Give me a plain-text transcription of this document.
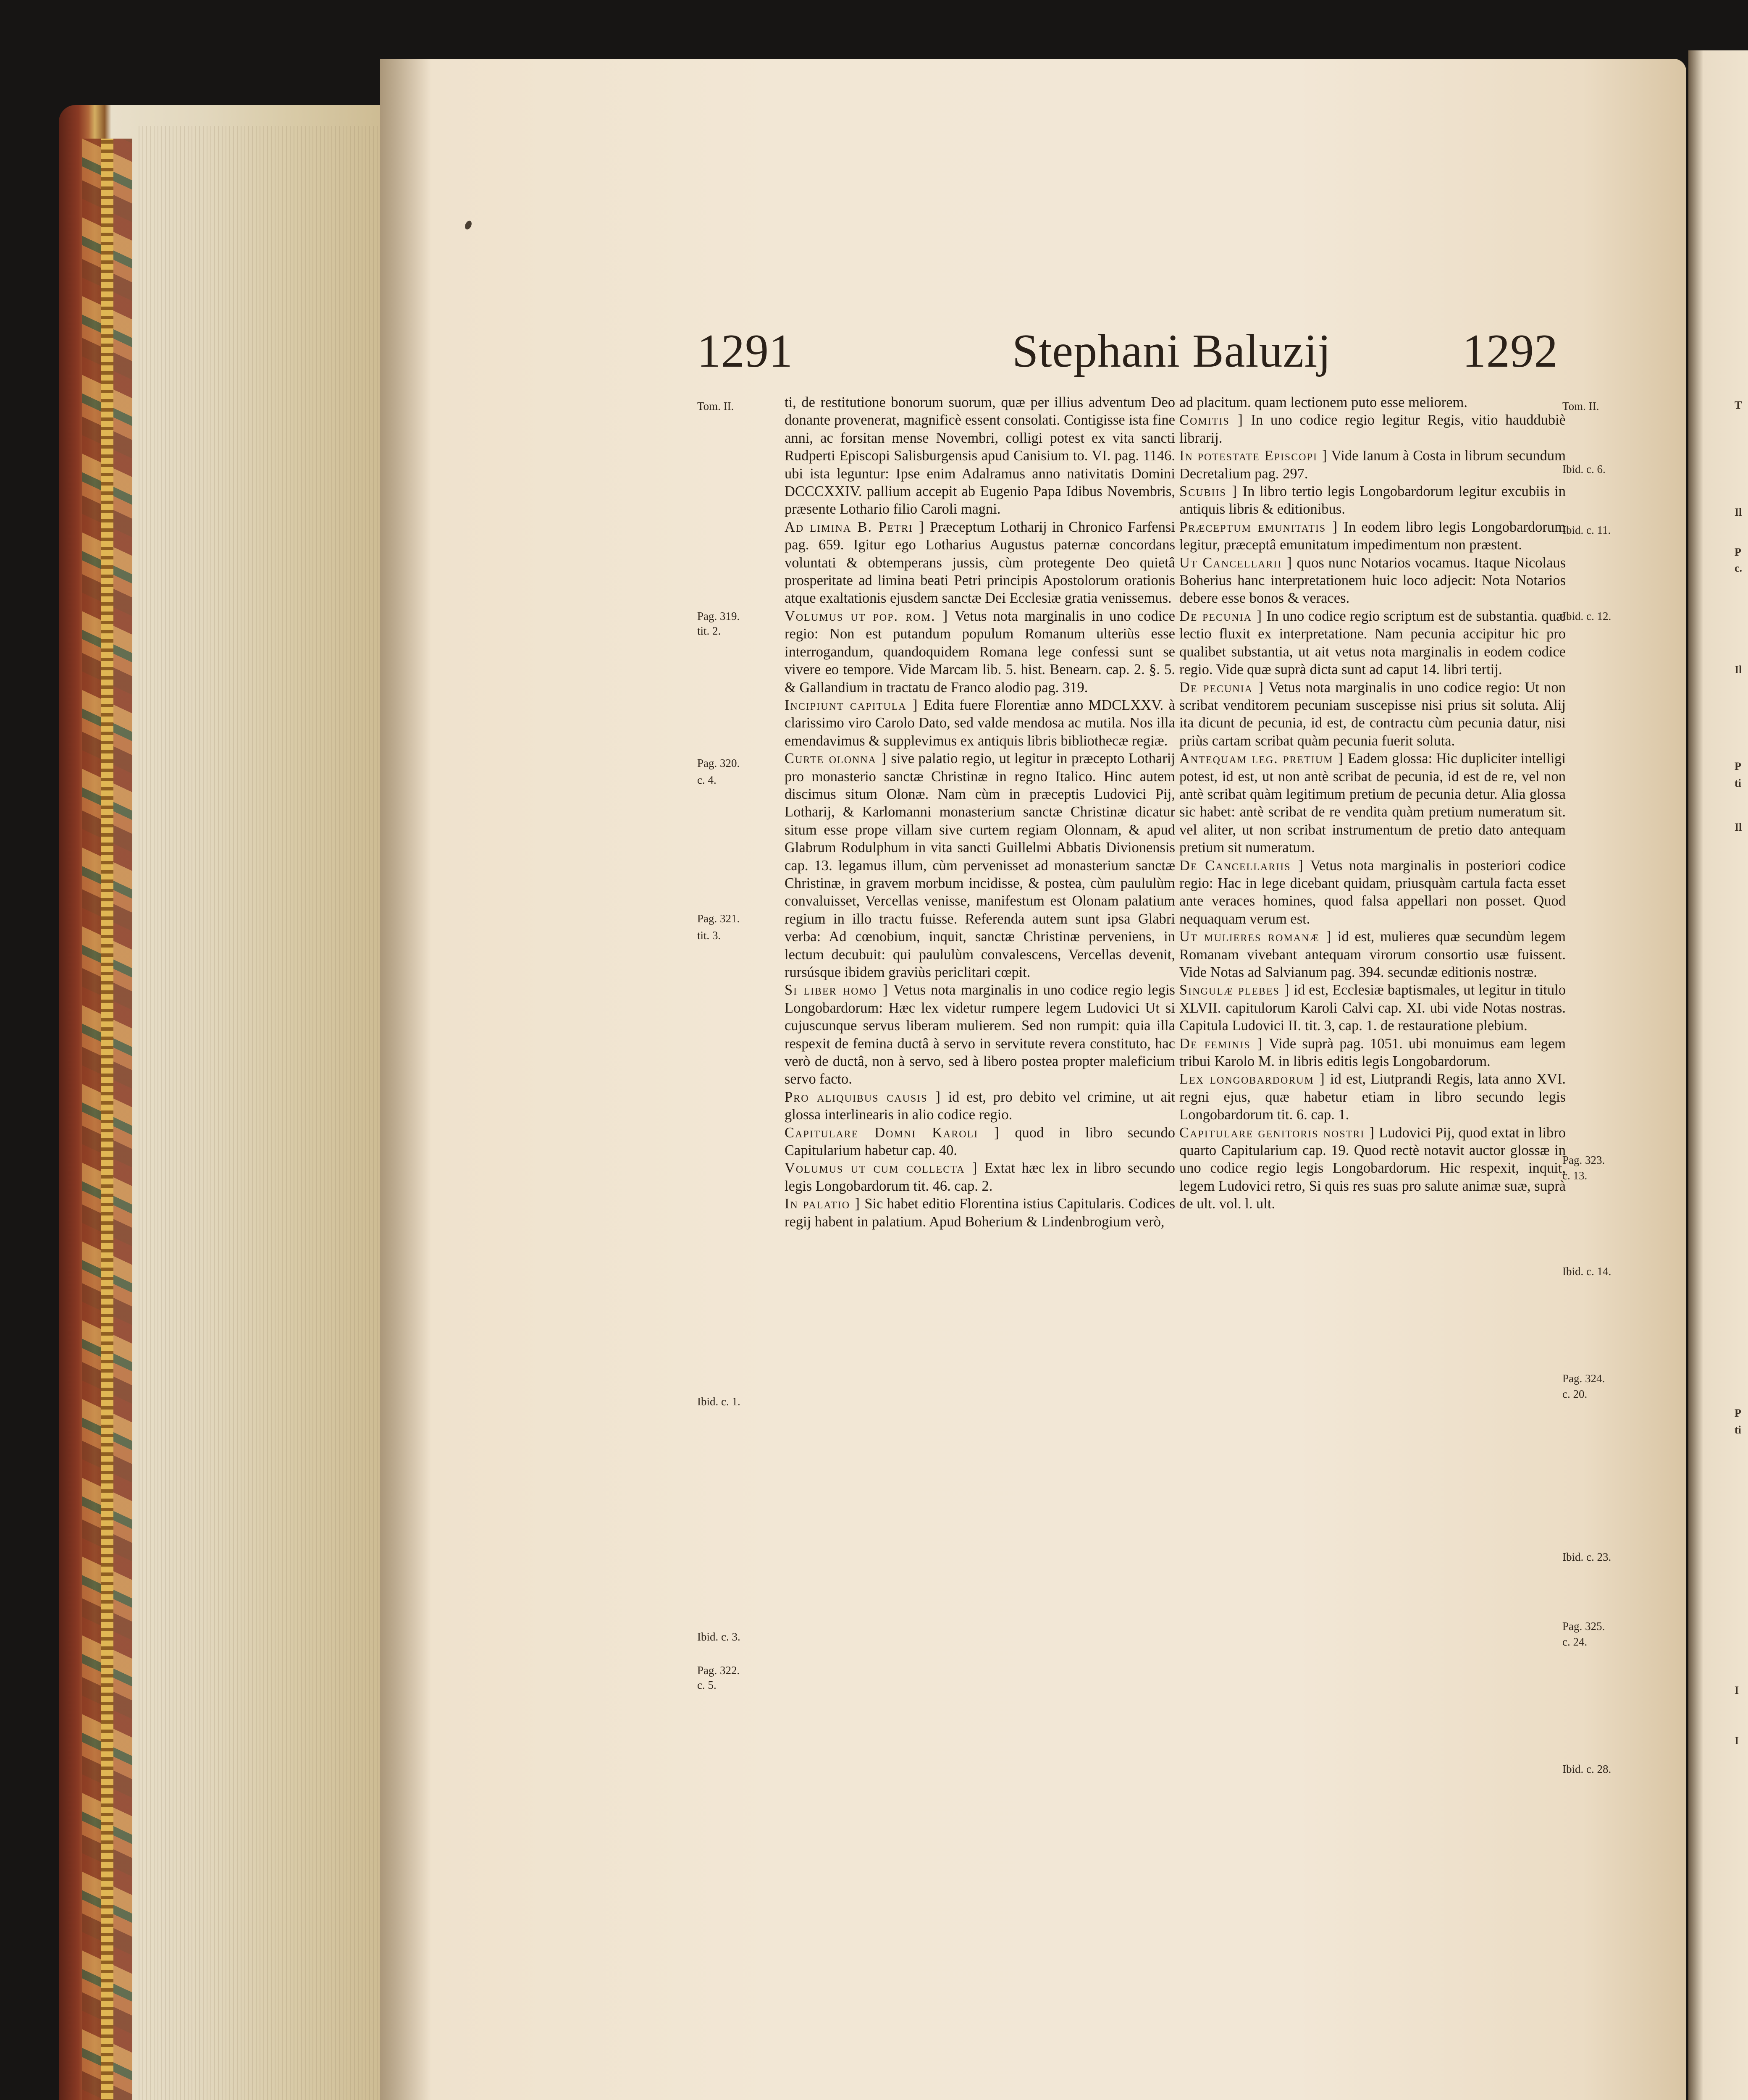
T
Il
P
c.
Il
P
ti
Il
P
ti
I
I
1291	Stephani Baluzij	1292
Tom. II.
Pag. 319.
tit. 2.
Pag. 320.
c. 4.
Pag. 321.
tit. 3.
Ibid. c. 1.
Ibid. c. 3.
Pag. 322.
c. 5.
Tom. II.
Ibid. c. 6.
Ibid. c. 11.
Ibid. c. 12.
Pag. 323.
c. 13.
Ibid. c. 14.
Pag. 324.
c. 20.
Ibid. c. 23.
Pag. 325.
c. 24.
Ibid. c. 28.

ti, de restitutione bonorum suorum, quæ per illius adventum Deo donante provenerat, magnificè essent consolati. Contigisse ista fine anni, ac forsitan mense Novembri, colligi potest ex vita sancti Rudperti Episcopi Salisburgensis apud Canisium to. VI. pag. 1146. ubi ista leguntur: Ipse enim Adalramus anno nativitatis Domini DCCCXXIV. pallium accepit ab Eugenio Papa Idibus Novembris, præsente Lothario filio Caroli magni.

Ad limina B. Petri ] Præceptum Lotharij in Chronico Farfensi pag. 659. Igitur ego Lotharius Augustus paternæ concordans voluntati & obtemperans jussis, cùm protegente Deo quietâ prosperitate ad limina beati Petri principis Apostolorum orationis atque exaltationis ejusdem sanctæ Dei Ecclesiæ gratia venissemus.

Volumus ut pop. rom. ] Vetus nota marginalis in uno codice regio: Non est putandum populum Romanum ulteriùs esse interrogandum, quandoquidem Romana lege confessi sunt se vivere eo tempore. Vide Marcam lib. 5. hist. Benearn. cap. 2. §. 5. & Gallandium in tractatu de Franco alodio pag. 319.

Incipiunt capitula ] Edita fuere Florentiæ anno MDCLXXV. à clarissimo viro Carolo Dato, sed valde mendosa ac mutila. Nos illa emendavimus & supplevimus ex antiquis libris bibliothecæ regiæ.

Curte olonna ] sive palatio regio, ut legitur in præcepto Lotharij pro monasterio sanctæ Christinæ in regno Italico. Hinc autem discimus situm Olonæ. Nam cùm in præceptis Ludovici Pij, Lotharij, & Karlomanni monasterium sanctæ Christinæ dicatur situm esse prope villam sive curtem regiam Olonnam, & apud Glabrum Rodulphum in vita sancti Guillelmi Abbatis Divionensis cap. 13. legamus illum, cùm pervenisset ad monasterium sanctæ Christinæ, in gravem morbum incidisse, & postea, cùm paululùm convaluisset, Vercellas venisse, manifestum est Olonam palatium regium in illo tractu fuisse. Referenda autem sunt ipsa Glabri verba: Ad cœnobium, inquit, sanctæ Christinæ perveniens, in lectum decubuit: qui paululùm convalescens, Vercellas devenit, rursúsque ibidem graviùs periclitari cœpit.

Si liber homo ] Vetus nota marginalis in uno codice regio legis Longobardorum: Hæc lex videtur rumpere legem Ludovici Ut si cujuscunque servus liberam mulierem. Sed non rumpit: quia illa respexit de femina ductâ à servo in servitute revera constituto, hac verò de ductâ, non à servo, sed à libero postea propter maleficium servo facto.

Pro aliquibus causis ] id est, pro debito vel crimine, ut ait glossa interlinearis in alio codice regio.

Capitulare Domni Karoli ] quod in libro secundo Capitularium habetur cap. 40.

Volumus ut cum collecta ] Extat hæc lex in libro secundo legis Longobardorum tit. 46. cap. 2.

In palatio ] Sic habet editio Florentina istius Capitularis. Codices regij habent in palatium. Apud Boherium & Lindenbrogium verò,

ad placitum. quam lectionem puto esse meliorem.

Comitis ] In uno codice regio legitur Regis, vitio hauddubiè librarij.

In potestate Episcopi ] Vide Ianum à Costa in librum secundum Decretalium pag. 297.

Scubiis ] In libro tertio legis Longobardorum legitur excubiis in antiquis libris & editionibus.

Præceptum emunitatis ] In eodem libro legis Longobardorum legitur, præceptâ emunitatum impedimentum non præstent.

Ut Cancellarii ] quos nunc Notarios vocamus. Itaque Nicolaus Boherius hanc interpretationem huic loco adjecit: Nota Notarios debere esse bonos & veraces.

De pecunia ] In uno codice regio scriptum est de substantia. quæ lectio fluxit ex interpretatione. Nam pecunia accipitur hic pro qualibet substantia, ut ait vetus nota marginalis in eodem codice regio. Vide quæ suprà dicta sunt ad caput 14. libri tertij.

De pecunia ] Vetus nota marginalis in uno codice regio: Ut non scribat venditorem pecuniam suscepisse nisi prius sit soluta. Alij ita dicunt de pecunia, id est, de contractu cùm pecunia datur, nisi priùs cartam scribat quàm pecunia fuerit soluta.

Antequam leg. pretium ] Eadem glossa: Hic dupliciter intelligi potest, id est, ut non antè scribat de pecunia, id est de re, vel non antè scribat quàm legitimum pretium de pecunia detur. Alia glossa sic habet: antè scribat de re vendita quàm pretium numeratum sit. vel aliter, ut non scribat instrumentum de pretio dato antequam pretium sit numeratum.

De Cancellariis ] Vetus nota marginalis in posteriori codice regio: Hac in lege dicebant quidam, priusquàm cartula facta esset ante veraces homines, quod falsa appellari non posset. Quod nequaquam verum est.

Ut mulieres romanæ ] id est, mulieres quæ secundùm legem Romanam vivebant antequam virorum consortio usæ fuissent. Vide Notas ad Salvianum pag. 394. secundæ editionis nostræ.

Singulæ plebes ] id est, Ecclesiæ baptismales, ut legitur in titulo XLVII. capitulorum Karoli Calvi cap. XI. ubi vide Notas nostras. Capitula Ludovici II. tit. 3, cap. 1. de restauratione plebium.

De feminis ] Vide suprà pag. 1051. ubi monuimus eam legem tribui Karolo M. in libris editis legis Longobardorum.

Lex longobardorum ] id est, Liutprandi Regis, lata anno XVI. regni ejus, quæ habetur etiam in libro secundo legis Longobardorum tit. 6. cap. 1.

Capitulare genitoris nostri ] Ludovici Pij, quod extat in libro quarto Capitularium cap. 19. Quod rectè notavit auctor glossæ in uno codice regio legis Longobardorum. Hic respexit, inquit, legem Ludovici retro, Si quis res suas pro salute animæ suæ, suprà de ult. vol. l. ult.
